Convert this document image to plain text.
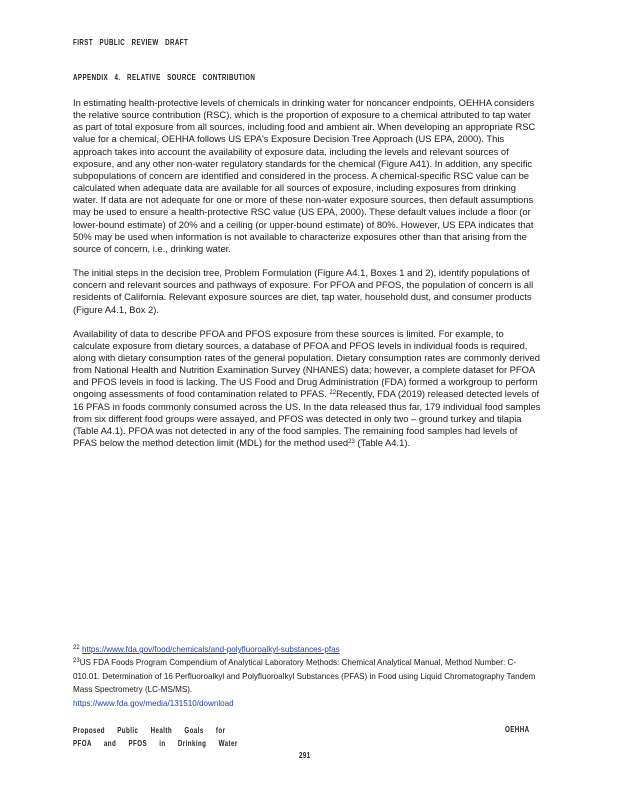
FIRST PUBLIC REVIEW DRAFT
APPENDIX 4. RELATIVE SOURCE CONTRIBUTION

In estimating health-protective levels of chemicals in drinking water for noncancer endpoints, OEHHA considers the relative source contribution (RSC), which is the proportion of exposure to a chemical attributed to tap water as part of total exposure from all sources, including food and ambient air. When developing an appropriate RSC value for a chemical, OEHHA follows US EPA's Exposure Decision Tree Approach (US EPA, 2000). This approach takes into account the availability of exposure data, including the levels and relevant sources of exposure, and any other non-water regulatory standards for the chemical (Figure A41). In addition, any specific subpopulations of concern are identified and considered in the process. A chemical-specific RSC value can be calculated when adequate data are available for all sources of exposure, including exposures from drinking water. If data are not adequate for one or more of these non-water exposure sources, then default assumptions may be used to ensure a health-protective RSC value (US EPA, 2000). These default values include a floor (or lower-bound estimate) of 20% and a ceiling (or upper-bound estimate) of 80%. However, US EPA indicates that 50% may be used when information is not available to characterize exposures other than that arising from the source of concern, i.e., drinking water.

The initial steps in the decision tree, Problem Formulation (Figure A4.1, Boxes 1 and 2), identify populations of concern and relevant sources and pathways of exposure. For PFOA and PFOS, the population of concern is all residents of California. Relevant exposure sources are diet, tap water, household dust, and consumer products (Figure A4.1, Box 2).

Availability of data to describe PFOA and PFOS exposure from these sources is limited. For example, to calculate exposure from dietary sources, a database of PFOA and PFOS levels in individual foods is required, along with dietary consumption rates of the general population. Dietary consumption rates are commonly derived from National Health and Nutrition Examination Survey (NHANES) data; however, a complete dataset for PFOA and PFOS levels in food is lacking. The US Food and Drug Administration (FDA) formed a workgroup to perform ongoing assessments of food contamination related to PFAS. $^{22}$Recently, FDA (2019) released detected levels of 16 PFAS in foods commonly consumed across the US. In the data released thus far, 179 individual food samples from six different food groups were assayed, and PFOS was detected in only two – ground turkey and tilapia (Table A4.1). PFOA was not detected in any of the food samples. The remaining food samples had levels of PFAS below the method detection limit (MDL) for the method used$^{23}$ (Table A4.1).

$^{22}$ https://www.fda.gov/food/chemicals/and-polyfluoroalkyl-substances-pfas
$^{23}$US FDA Foods Program Compendium of Analytical Laboratory Methods: Chemical Analytical Manual, Method Number: C-010.01. Determination of 16 Perfluoroalkyl and Polyfluoroalkyl Substances (PFAS) in Food using Liquid Chromatography Tandem Mass Spectrometry (LC-MS/MS).
https://www.fda.gov/media/131510/download
Proposed Public Health Goals for
PFOA and PFOS in Drinking Water
OEHHA
291
